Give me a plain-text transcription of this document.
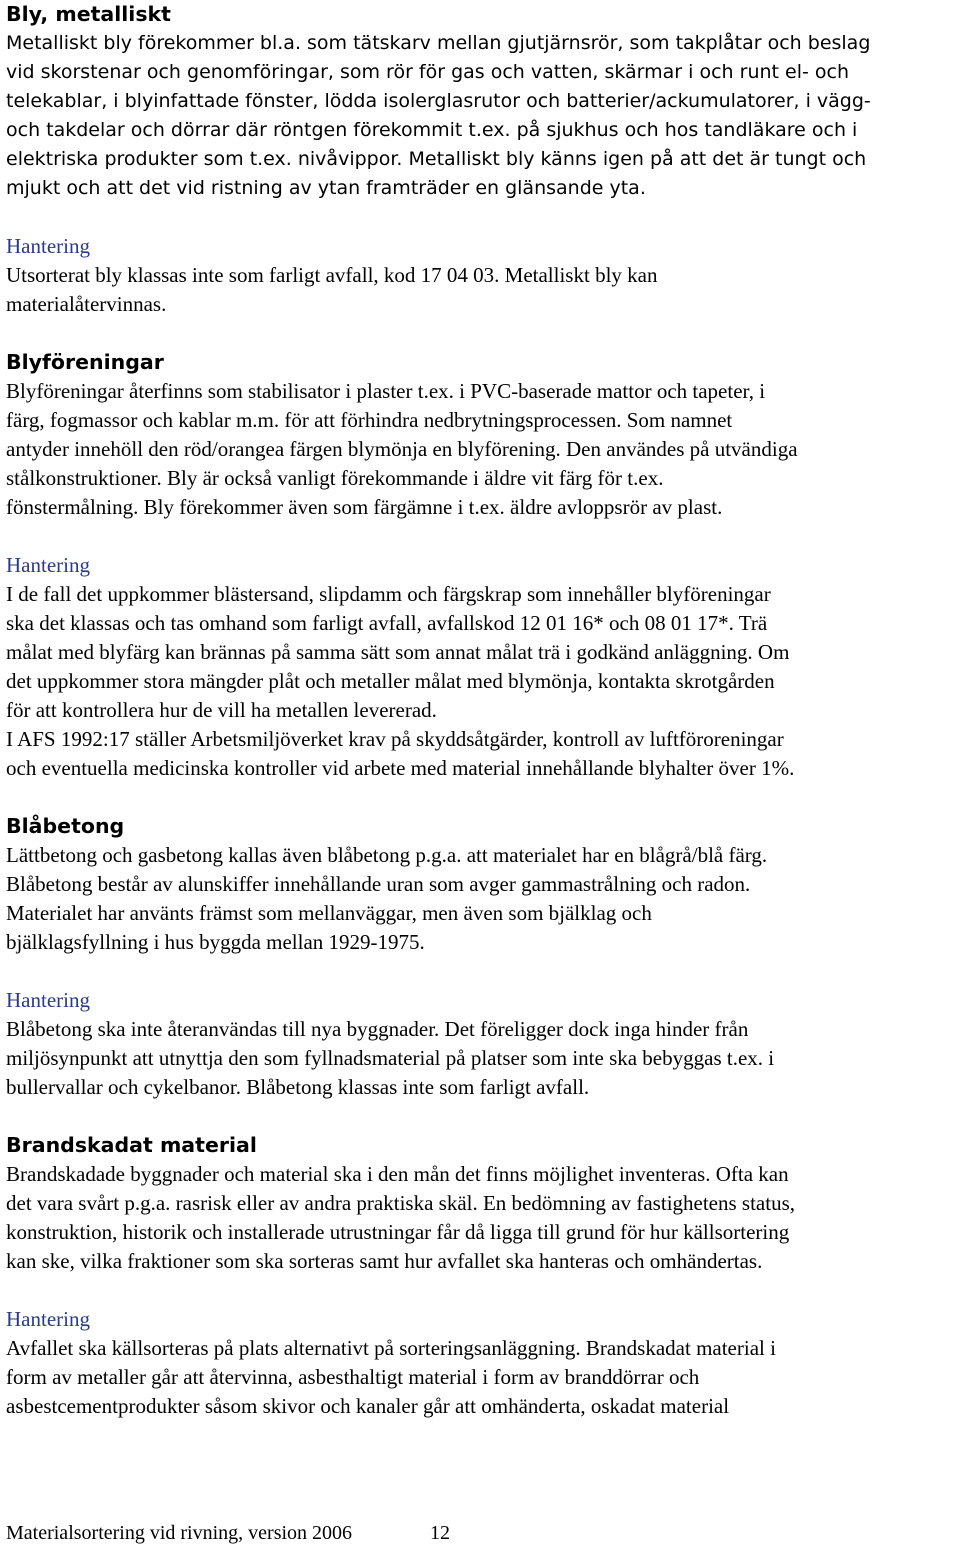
Bly, metalliskt

Metalliskt bly förekommer bl.a. som tätskarv mellan gjutjärnsrör, som takplåtar och beslag
vid skorstenar och genomföringar, som rör för gas och vatten, skärmar i och runt el- och
telekablar, i blyinfattade fönster, lödda isolerglasrutor och batterier/ackumulatorer, i vägg-
och takdelar och dörrar där röntgen förekommit t.ex. på sjukhus och hos tandläkare och i
elektriska produkter som t.ex. nivåvippor. Metalliskt bly känns igen på att det är tungt och
mjukt och att det vid ristning av ytan framträder en glänsande yta.

Hantering

Utsorterat bly klassas inte som farligt avfall, kod 17 04 03. Metalliskt bly kan
materialåtervinnas.

Blyföreningar

Blyföreningar återfinns som stabilisator i plaster t.ex. i PVC-baserade mattor och tapeter, i
färg, fogmassor och kablar m.m. för att förhindra nedbrytningsprocessen. Som namnet
antyder innehöll den röd/orangea färgen blymönja en blyförening. Den användes på utvändiga
stålkonstruktioner. Bly är också vanligt förekommande i äldre vit färg för t.ex.
fönstermålning. Bly förekommer även som färgämne i t.ex. äldre avloppsrör av plast.

Hantering

I de fall det uppkommer blästersand, slipdamm och färgskrap som innehåller blyföreningar
ska det klassas och tas omhand som farligt avfall, avfallskod 12 01 16* och 08 01 17*. Trä
målat med blyfärg kan brännas på samma sätt som annat målat trä i godkänd anläggning. Om
det uppkommer stora mängder plåt och metaller målat med blymönja, kontakta skrotgården
för att kontrollera hur de vill ha metallen levererad.
I AFS 1992:17 ställer Arbetsmiljöverket krav på skyddsåtgärder, kontroll av luftföroreningar
och eventuella medicinska kontroller vid arbete med material innehållande blyhalter över 1%.

Blåbetong

Lättbetong och gasbetong kallas även blåbetong p.g.a. att materialet har en blågrå/blå färg.
Blåbetong består av alunskiffer innehållande uran som avger gammastrålning och radon.
Materialet har använts främst som mellanväggar, men även som bjälklag och
bjälklagsfyllning i hus byggda mellan 1929-1975.

Hantering

Blåbetong ska inte återanvändas till nya byggnader. Det föreligger dock inga hinder från
miljösynpunkt att utnyttja den som fyllnadsmaterial på platser som inte ska bebyggas t.ex. i
bullervallar och cykelbanor. Blåbetong klassas inte som farligt avfall.

Brandskadat material

Brandskadade byggnader och material ska i den mån det finns möjlighet inventeras. Ofta kan
det vara svårt p.g.a. rasrisk eller av andra praktiska skäl. En bedömning av fastighetens status,
konstruktion, historik och installerade utrustningar får då ligga till grund för hur källsortering
kan ske, vilka fraktioner som ska sorteras samt hur avfallet ska hanteras och omhändertas.

Hantering

Avfallet ska källsorteras på plats alternativt på sorteringsanläggning. Brandskadat material i
form av metaller går att återvinna, asbesthaltigt material i form av branddörrar och
asbestcementprodukter såsom skivor och kanaler går att omhänderta, oskadat material

Materialsortering vid rivning, version 2006	12
